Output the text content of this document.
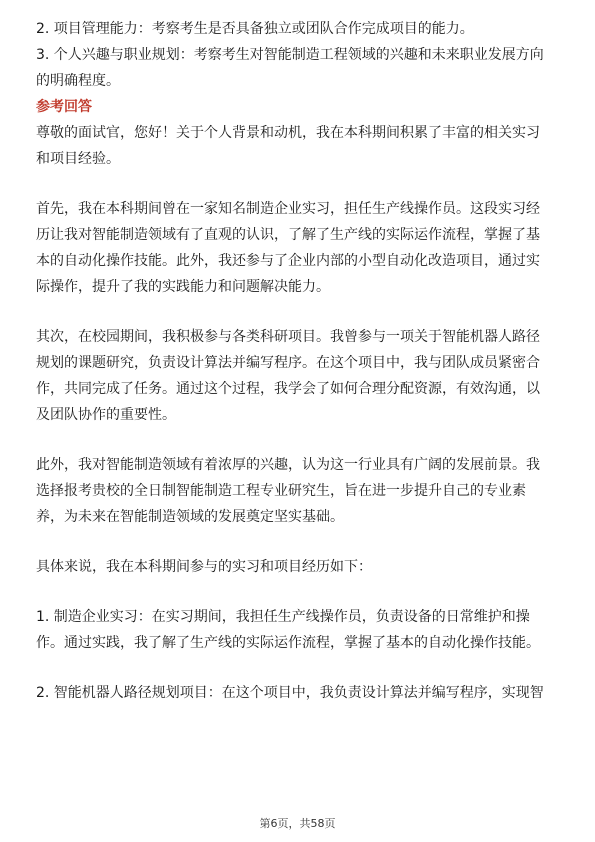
2. 项目管理能力：考察考生是否具备独立或团队合作完成项目的能力。

3. 个人兴趣与职业规划：考察考生对智能制造工程领域的兴趣和未来职业发展方向

的明确程度。

参考回答

尊敬的面试官，您好！关于个人背景和动机，我在本科期间积累了丰富的相关实习

和项目经验。

首先，我在本科期间曾在一家知名制造企业实习，担任生产线操作员。这段实习经

历让我对智能制造领域有了直观的认识，了解了生产线的实际运作流程，掌握了基

本的自动化操作技能。此外，我还参与了企业内部的小型自动化改造项目，通过实

际操作，提升了我的实践能力和问题解决能力。

其次，在校园期间，我积极参与各类科研项目。我曾参与一项关于智能机器人路径

规划的课题研究，负责设计算法并编写程序。在这个项目中，我与团队成员紧密合

作，共同完成了任务。通过这个过程，我学会了如何合理分配资源，有效沟通，以

及团队协作的重要性。

此外，我对智能制造领域有着浓厚的兴趣，认为这一行业具有广阔的发展前景。我

选择报考贵校的全日制智能制造工程专业研究生，旨在进一步提升自己的专业素

养，为未来在智能制造领域的发展奠定坚实基础。

具体来说，我在本科期间参与的实习和项目经历如下：

1. 制造企业实习：在实习期间，我担任生产线操作员，负责设备的日常维护和操

作。通过实践，我了解了生产线的实际运作流程，掌握了基本的自动化操作技能。

2. 智能机器人路径规划项目：在这个项目中，我负责设计算法并编写程序，实现智

第6页，共58页
